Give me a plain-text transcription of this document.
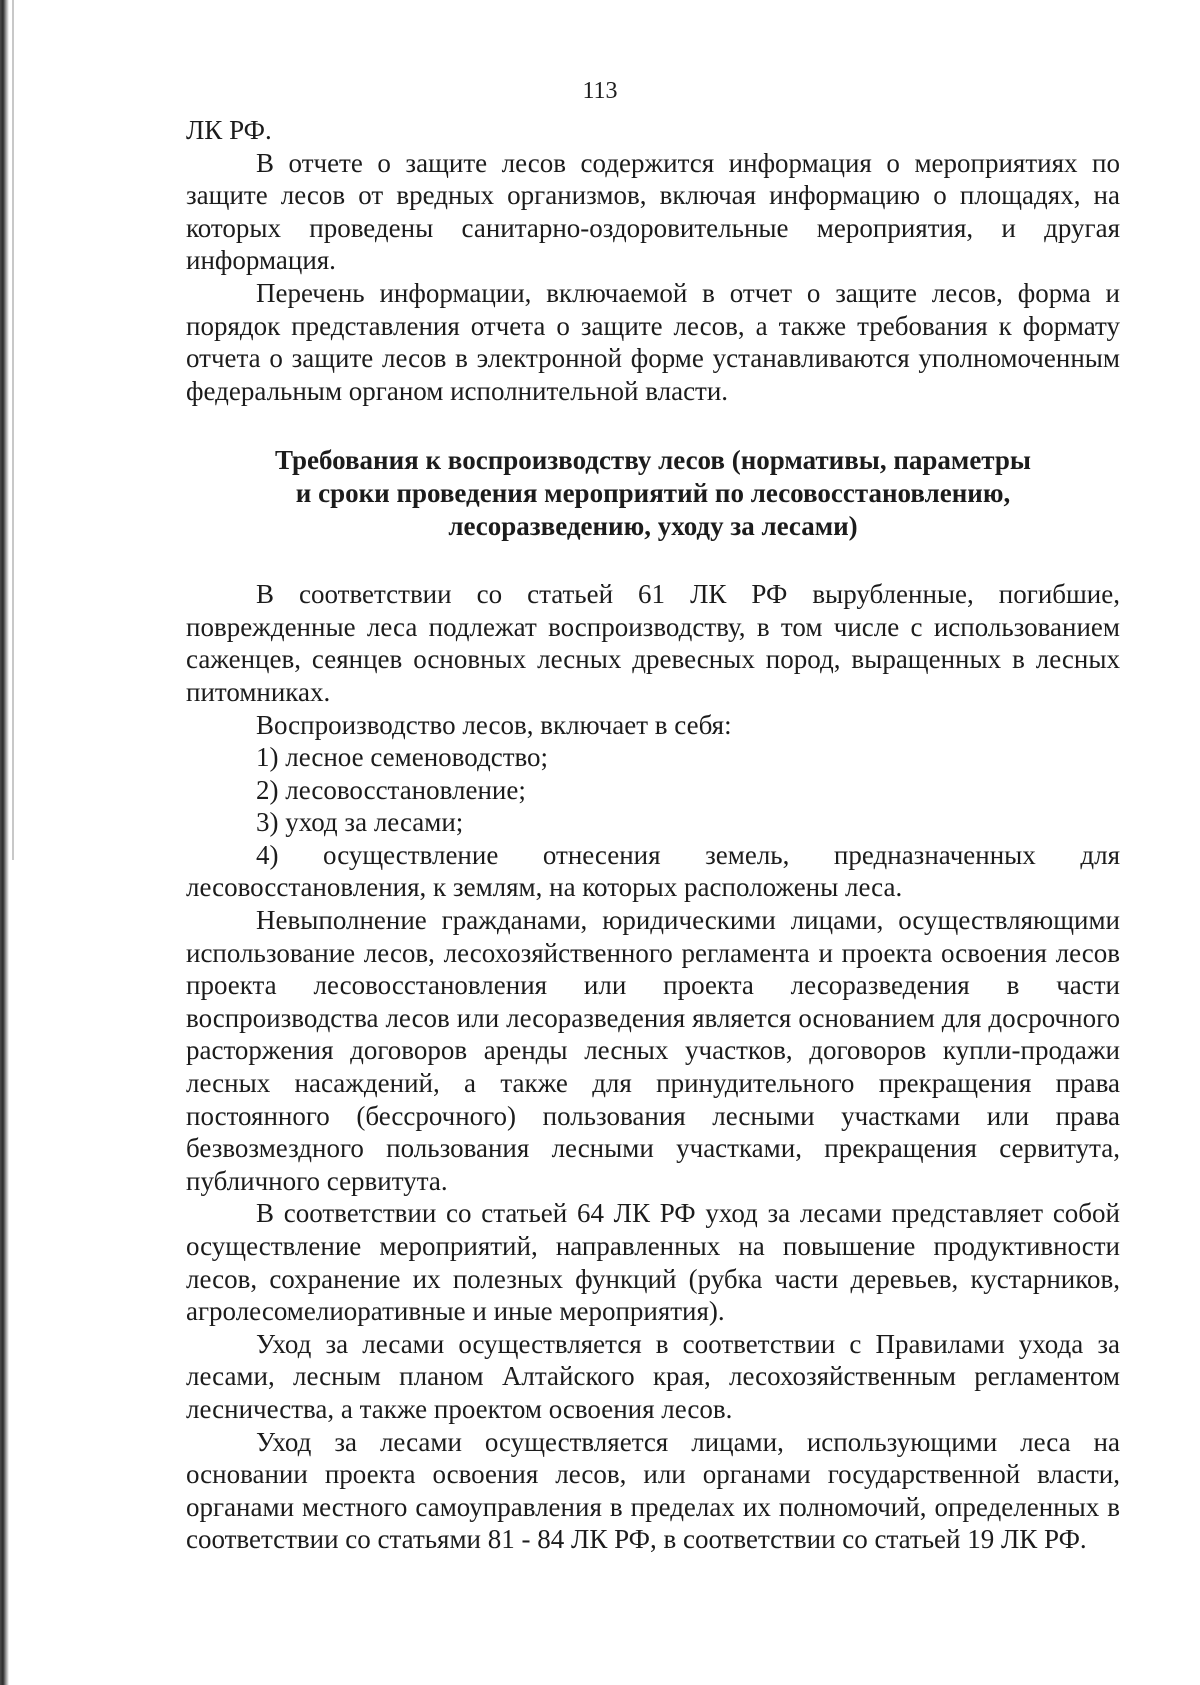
113

ЛК РФ.

В отчете о защите лесов содержится информация о мероприятиях по защите лесов от вредных организмов, включая информацию о площадях, на которых проведены санитарно-оздоровительные мероприятия, и другая информация.

Перечень информации, включаемой в отчет о защите лесов, форма и порядок представления отчета о защите лесов, а также требования к формату отчета о защите лесов в электронной форме устанавливаются уполномоченным федеральным органом исполнительной власти.

Требования к воспроизводству лесов (нормативы, параметры
и сроки проведения мероприятий по лесовосстановлению,
лесоразведению, уходу за лесами)

В соответствии со статьей 61 ЛК РФ вырубленные, погибшие, поврежденные леса подлежат воспроизводству, в том числе с использованием саженцев, сеянцев основных лесных древесных пород, выращенных в лесных питомниках.

Воспроизводство лесов, включает в себя:

1) лесное семеноводство;

2) лесовосстановление;

3) уход за лесами;

4) осуществление отнесения земель, предназначенных для лесовосстановления, к землям, на которых расположены леса.

Невыполнение гражданами, юридическими лицами, осуществляющими использование лесов, лесохозяйственного регламента и проекта освоения лесов проекта лесовосстановления или проекта лесоразведения в части воспроизводства лесов или лесоразведения является основанием для досрочного расторжения договоров аренды лесных участков, договоров купли-продажи лесных насаждений, а также для принудительного прекращения права постоянного (бессрочного) пользования лесными участками или права безвозмездного пользования лесными участками, прекращения сервитута, публичного сервитута.

В соответствии со статьей 64 ЛК РФ уход за лесами представляет собой осуществление мероприятий, направленных на повышение продуктивности лесов, сохранение их полезных функций (рубка части деревьев, кустарников, агролесомелиоративные и иные мероприятия).

Уход за лесами осуществляется в соответствии с Правилами ухода за лесами, лесным планом Алтайского края, лесохозяйственным регламентом лесничества, а также проектом освоения лесов.

Уход за лесами осуществляется лицами, использующими леса на основании проекта освоения лесов, или органами государственной власти, органами местного самоуправления в пределах их полномочий, определенных в соответствии со статьями 81 - 84 ЛК РФ, в соответствии со статьей 19 ЛК РФ.
